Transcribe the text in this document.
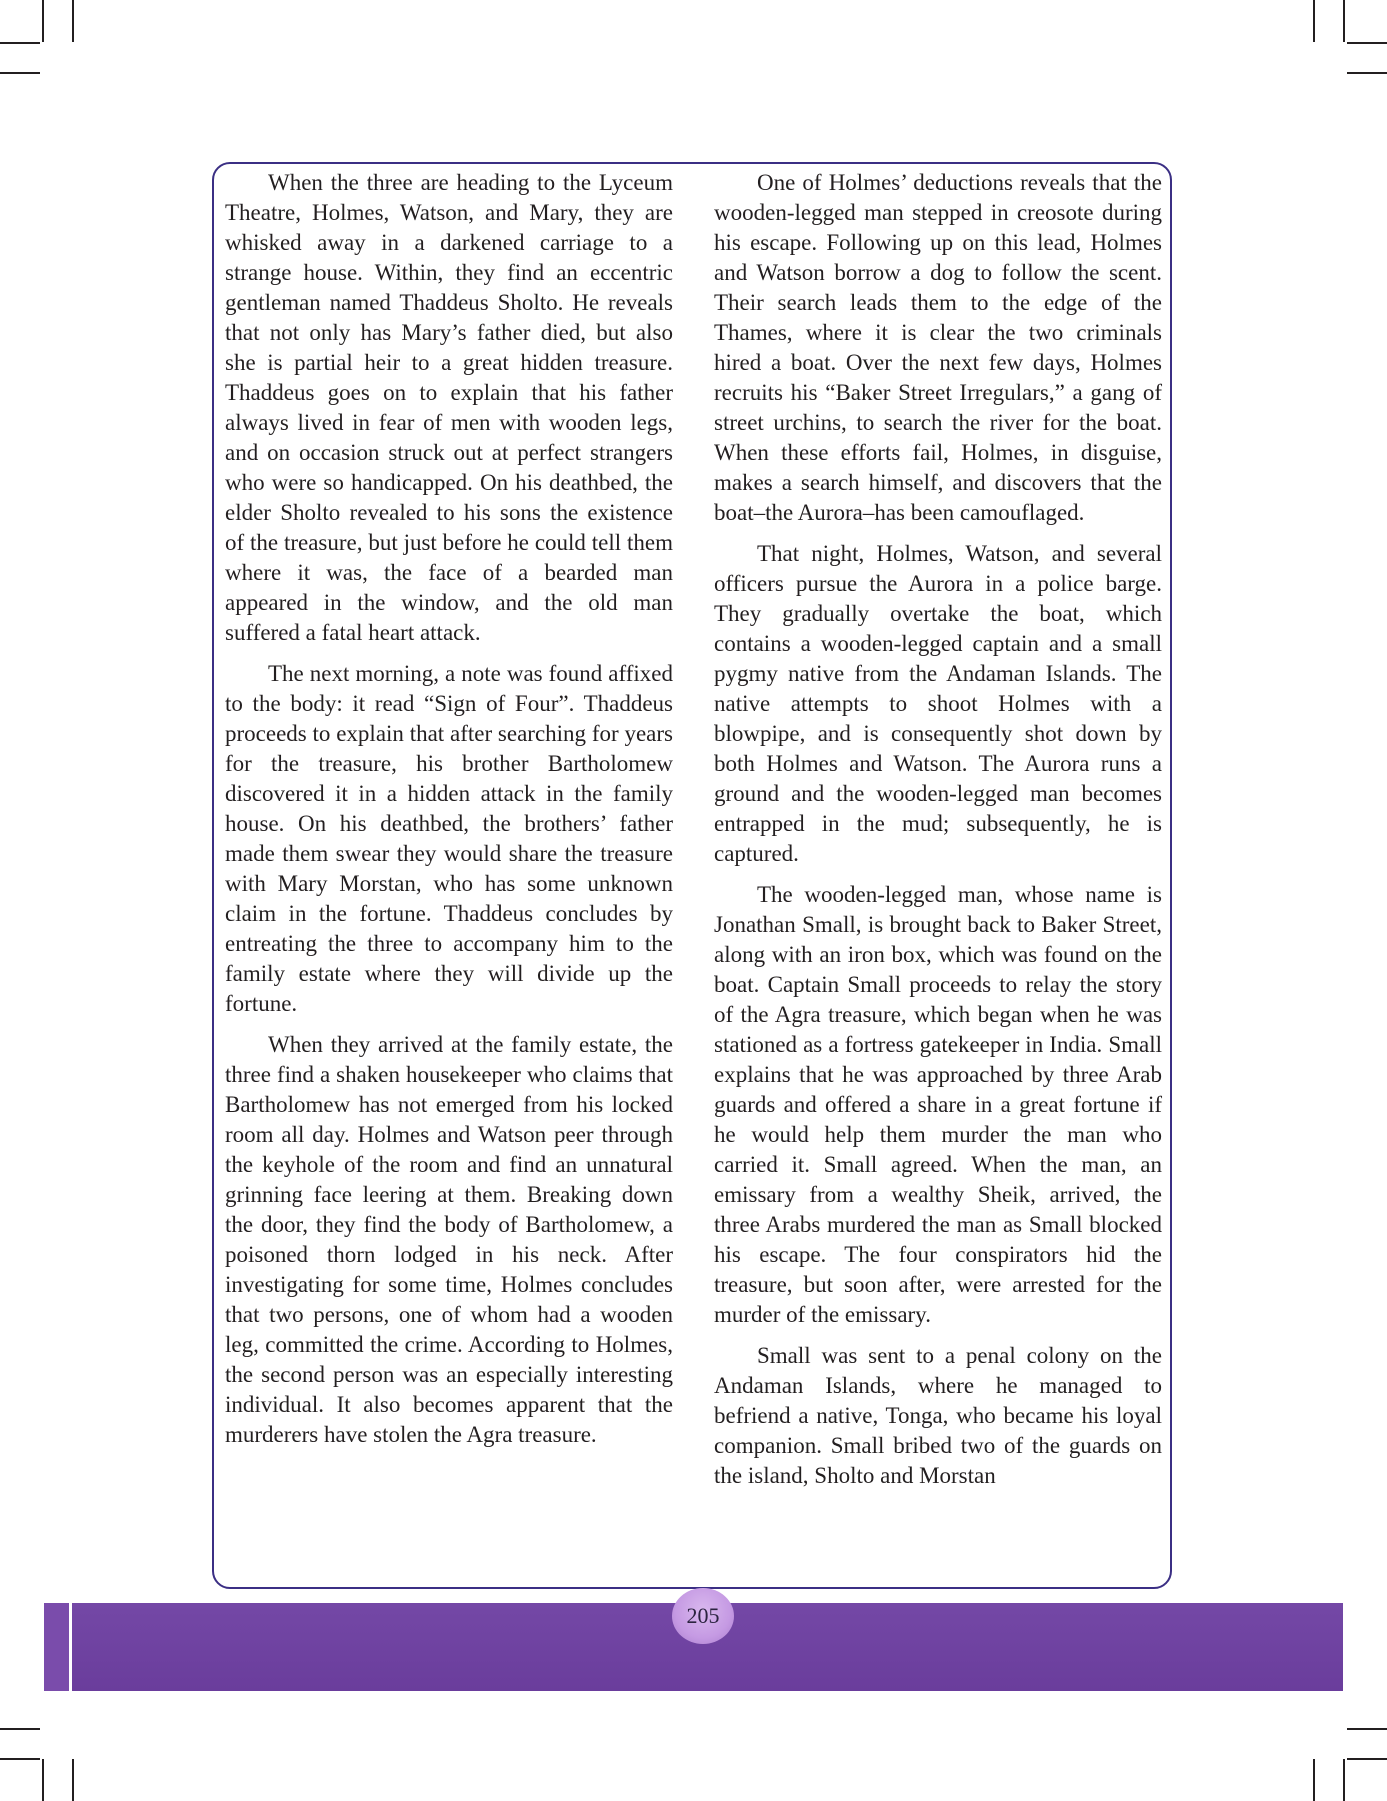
When the three are heading to the Lyceum Theatre, Holmes, Watson, and Mary, they are whisked away in a darkened carriage to a strange house. Within, they find an eccentric gentleman named Thaddeus Sholto. He reveals that not only has Mary’s father died, but also she is partial heir to a great hidden treasure. Thaddeus goes on to explain that his father always lived in fear of men with wooden legs, and on occasion struck out at perfect strangers who were so handicapped. On his deathbed, the elder Sholto revealed to his sons the existence of the treasure, but just before he could tell them where it was, the face of a bearded man appeared in the window, and the old man suffered a fatal heart attack.

The next morning, a note was found affixed to the body: it read “Sign of Four”. Thaddeus proceeds to explain that after searching for years for the treasure, his brother Bartholomew discovered it in a hidden attack in the family house. On his deathbed, the brothers’ father made them swear they would share the treasure with Mary Morstan, who has some unknown claim in the fortune. Thaddeus concludes by entreating the three to accompany him to the family estate where they will divide up the fortune.

When they arrived at the family estate, the three find a shaken housekeeper who claims that Bartholomew has not emerged from his locked room all day. Holmes and Watson peer through the keyhole of the room and find an unnatural grinning face leering at them. Breaking down the door, they find the body of Bartholomew, a poisoned thorn lodged in his neck. After investigating for some time, Holmes concludes that two persons, one of whom had a wooden leg, committed the crime. According to Holmes, the second person was an especially interesting individual. It also becomes apparent that the murderers have stolen the Agra treasure.

One of Holmes’ deductions reveals that the wooden-legged man stepped in creosote during his escape. Following up on this lead, Holmes and Watson borrow a dog to follow the scent. Their search leads them to the edge of the Thames, where it is clear the two criminals hired a boat. Over the next few days, Holmes recruits his “Baker Street Irregulars,” a gang of street urchins, to search the river for the boat. When these efforts fail, Holmes, in disguise, makes a search himself, and discovers that the boat–the Aurora–has been camouflaged.

That night, Holmes, Watson, and several officers pursue the Aurora in a police barge. They gradually overtake the boat, which contains a wooden-legged captain and a small pygmy native from the Andaman Islands. The native attempts to shoot Holmes with a blowpipe, and is consequently shot down by both Holmes and Watson. The Aurora runs a ground and the wooden-legged man becomes entrapped in the mud; subsequently, he is captured.

The wooden-legged man, whose name is Jonathan Small, is brought back to Baker Street, along with an iron box, which was found on the boat. Captain Small proceeds to relay the story of the Agra treasure, which began when he was stationed as a fortress gatekeeper in India. Small explains that he was approached by three Arab guards and offered a share in a great fortune if he would help them murder the man who carried it. Small agreed. When the man, an emissary from a wealthy Sheik, arrived, the three Arabs murdered the man as Small blocked his escape. The four conspirators hid the treasure, but soon after, were arrested for the murder of the emissary.

Small was sent to a penal colony on the Andaman Islands, where he managed to befriend a native, Tonga, who became his loyal companion. Small bribed two of the guards on the island, Sholto and Morstan

205
